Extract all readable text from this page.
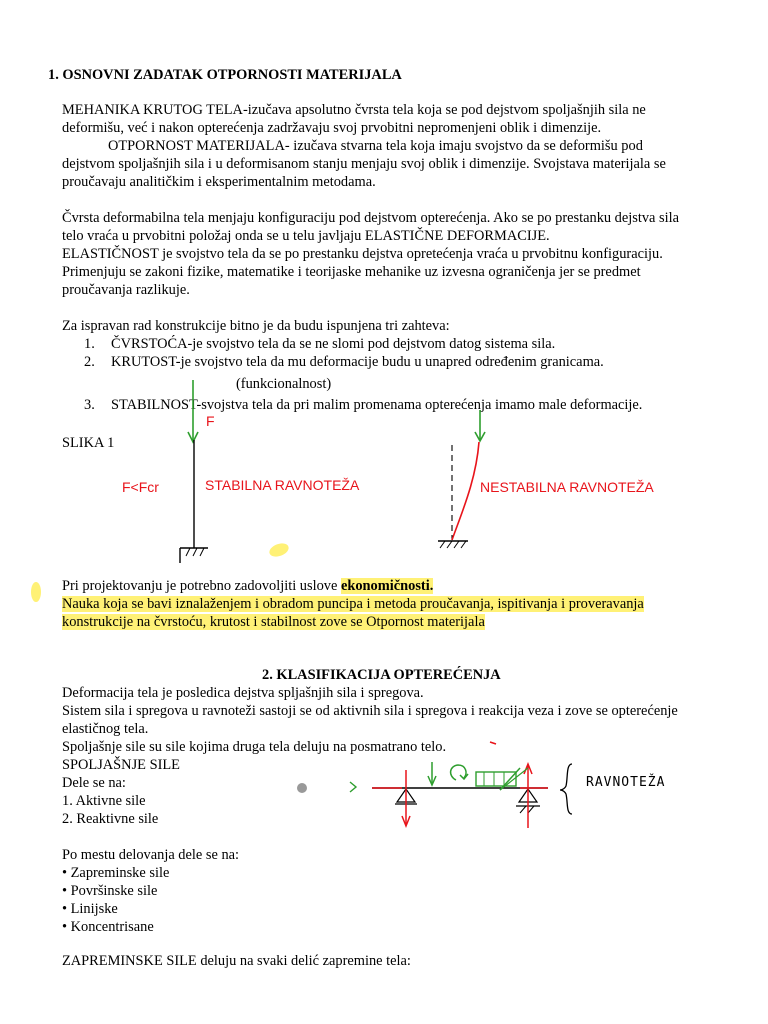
1. OSNOVNI ZADATAK OTPORNOSTI MATERIJALA
MEHANIKA KRUTOG TELA-izučava apsolutno čvrsta tela koja se pod dejstvom spoljašnjih sila ne
deformišu, već i nakon opterećenja zadržavaju svoj prvobitni nepromenjeni oblik i dimenzije.
OTPORNOST MATERIJALA- izučava stvarna tela koja imaju svojstvo da se deformišu pod
dejstvom spoljašnjih sila i u deformisanom stanju menjaju svoj oblik i dimenzije. Svojstava materijala se
proučavaju analitičkim i eksperimentalnim metodama.
Čvrsta deformabilna tela menjaju konfiguraciju pod dejstvom opterećenja. Ako se po prestanku dejstva sila
telo vraća u prvobitni položaj onda se u telu javljaju ELASTIČNE DEFORMACIJE.
ELASTIČNOST je svojstvo tela da se po prestanku dejstva opretećenja vraća u prvobitnu konfiguraciju.
Primenjuju se zakoni fizike, matematike i teorijaske mehanike uz izvesna ograničenja jer se predmet
proučavanja razlikuje.
Za ispravan rad konstrukcije bitno je da budu ispunjena tri zahteva:
1. ČVRSTOĆA-je svojstvo tela da se ne slomi pod dejstvom datog sistema sila.
2. KRUTOST-je svojstvo tela da mu deformacije budu u unapred određenim granicama.
(funkcionalnost)
3. STABILNOST-svojstva tela da pri malim promenama opterećenja imamo male deformacije.
SLIKA 1
F
F<Fcr	STABILNA RAVNOTEŽA	NESTABILNA RAVNOTEŽA
Pri projektovanju je potrebno zadovoljiti uslove ekonomičnosti.
Nauka koja se bavi iznalaženjem i obradom puncipa i metoda proučavanja, ispitivanja i proveravanja
konstrukcije na čvrstoću, krutost i stabilnost zove se Otpornost materijala
2. KLASIFIKACIJA OPTEREĆENJA
Deformacija tela je posledica dejstva spljašnjih sila i spregova.
Sistem sila i spregova u ravnoteži sastoji se od aktivnih sila i spregova i reakcija veza i zove se opterećenje
elastičnog tela.
Spoljašnje sile su sile kojima druga tela deluju na posmatrano telo.
SPOLJAŠNJE SILE
Dele se na:
1. Aktivne sile
2. Reaktivne sile
RAVNOTEŽA
Po mestu delovanja dele se na:
• Zapreminske sile
• Površinske sile
• Linijske
• Koncentrisane
ZAPREMINSKE SILE deluju na svaki delić zapremine tela:
